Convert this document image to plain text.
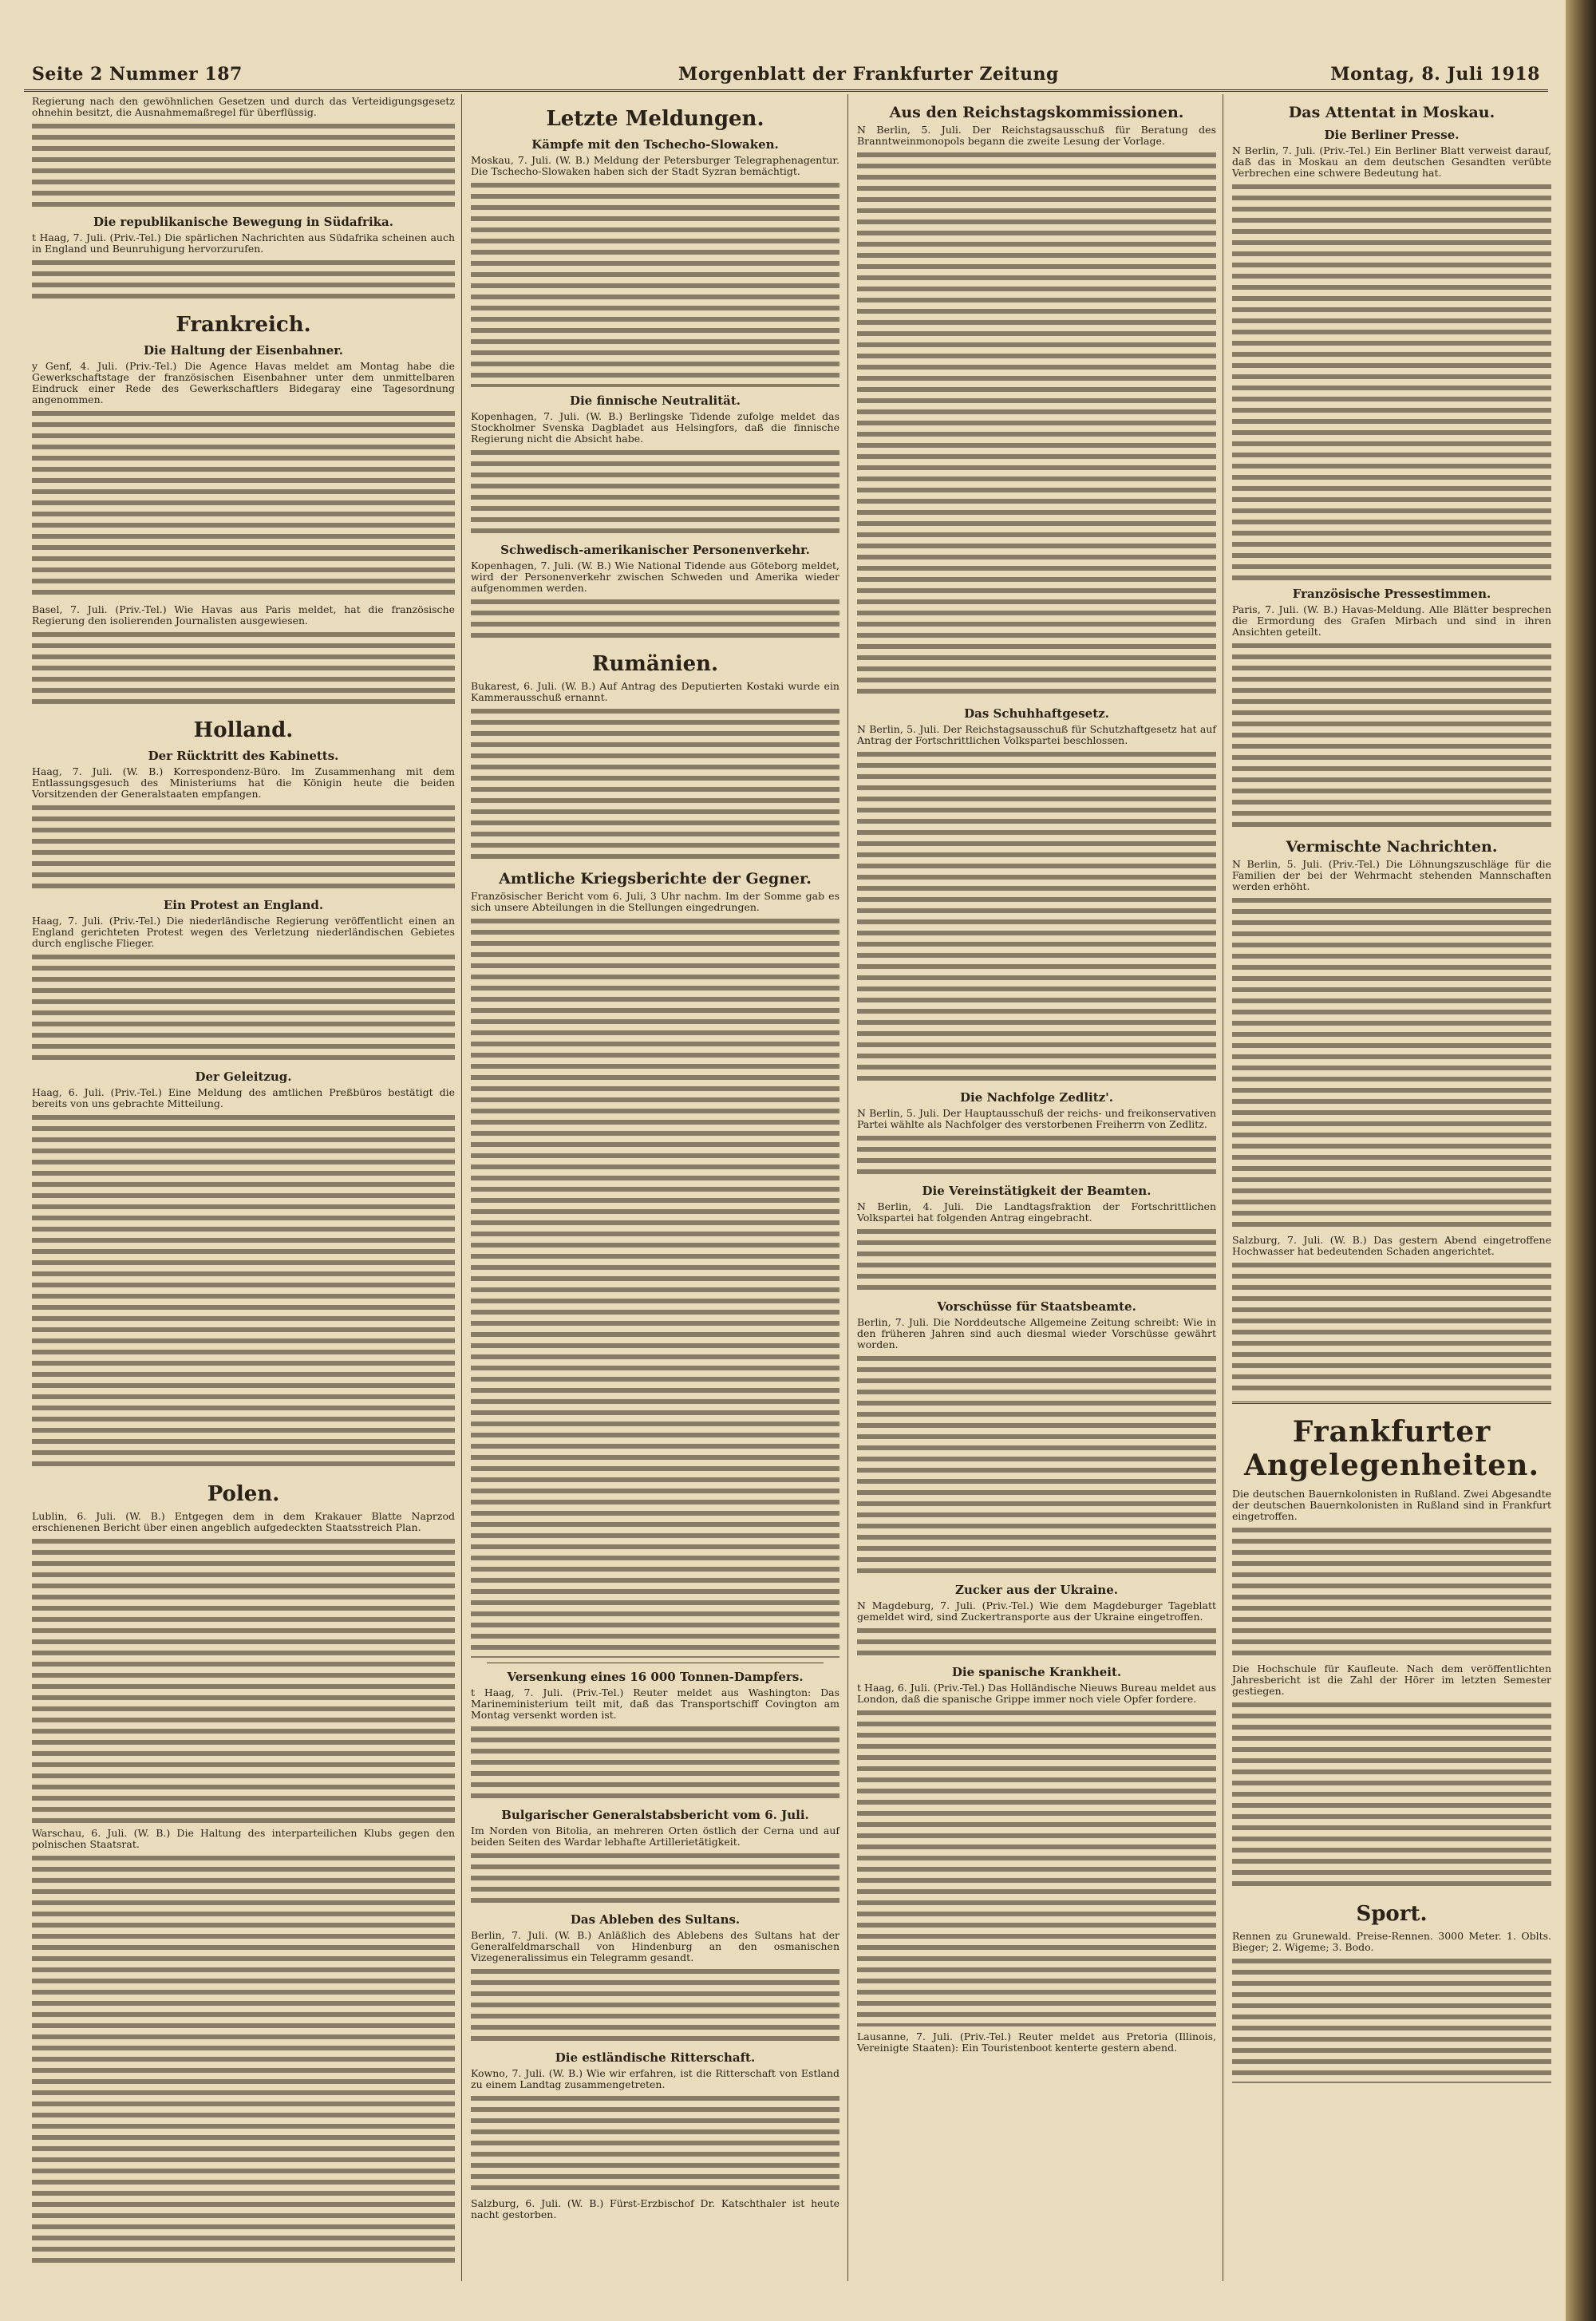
Seite 2 Nummer 187	Morgenblatt der Frankfurter Zeitung	Montag, 8. Juli 1918

Regierung nach den gewöhnlichen Gesetzen und durch das Verteidigungsgesetz ohnehin besitzt, die Ausnahmemaßregel für überflüssig.

Die republikanische Bewegung in Südafrika.

t Haag, 7. Juli. (Priv.-Tel.) Die spärlichen Nachrichten aus Südafrika scheinen auch in England und Beunruhigung hervorzurufen.

Frankreich.
Die Haltung der Eisenbahner.

y Genf, 4. Juli. (Priv.-Tel.) Die Agence Havas meldet am Montag habe die Gewerkschaftstage der französischen Eisenbahner unter dem unmittelbaren Eindruck einer Rede des Gewerkschaftlers Bidegaray eine Tagesordnung angenommen.

Basel, 7. Juli. (Priv.-Tel.) Wie Havas aus Paris meldet, hat die französische Regierung den isolierenden Journalisten ausgewiesen.

Holland.
Der Rücktritt des Kabinetts.

Haag, 7. Juli. (W. B.) Korrespondenz-Büro. Im Zusammenhang mit dem Entlassungsgesuch des Ministeriums hat die Königin heute die beiden Vorsitzenden der Generalstaaten empfangen.

Ein Protest an England.

Haag, 7. Juli. (Priv.-Tel.) Die niederländische Regierung veröffentlicht einen an England gerichteten Protest wegen des Verletzung niederländischen Gebietes durch englische Flieger.

Der Geleitzug.

Haag, 6. Juli. (Priv.-Tel.) Eine Meldung des amtlichen Preßbüros bestätigt die bereits von uns gebrachte Mitteilung.

Polen.

Lublin, 6. Juli. (W. B.) Entgegen dem in dem Krakauer Blatte Naprzod erschienenen Bericht über einen angeblich aufgedeckten Staatsstreich Plan.

Warschau, 6. Juli. (W. B.) Die Haltung des interparteilichen Klubs gegen den polnischen Staatsrat.

Letzte Meldungen.
Kämpfe mit den Tschecho-Slowaken.

Moskau, 7. Juli. (W. B.) Meldung der Petersburger Telegraphenagentur. Die Tschecho-Slowaken haben sich der Stadt Syzran bemächtigt.

Die finnische Neutralität.

Kopenhagen, 7. Juli. (W. B.) Berlingske Tidende zufolge meldet das Stockholmer Svenska Dagbladet aus Helsingfors, daß die finnische Regierung nicht die Absicht habe.

Schwedisch-amerikanischer Personenverkehr.

Kopenhagen, 7. Juli. (W. B.) Wie National Tidende aus Göteborg meldet, wird der Personenverkehr zwischen Schweden und Amerika wieder aufgenommen werden.

Rumänien.

Bukarest, 6. Juli. (W. B.) Auf Antrag des Deputierten Kostaki wurde ein Kammerausschuß ernannt.

Amtliche Kriegsberichte der Gegner.

Französischer Bericht vom 6. Juli, 3 Uhr nachm. Im der Somme gab es sich unsere Abteilungen in die Stellungen eingedrungen.

Versenkung eines 16 000 Tonnen-Dampfers.

t Haag, 7. Juli. (Priv.-Tel.) Reuter meldet aus Washington: Das Marineministerium teilt mit, daß das Transportschiff Covington am Montag versenkt worden ist.

Bulgarischer Generalstabsbericht vom 6. Juli.

Im Norden von Bitolia, an mehreren Orten östlich der Cerna und auf beiden Seiten des Wardar lebhafte Artillerietätigkeit.

Das Ableben des Sultans.

Berlin, 7. Juli. (W. B.) Anläßlich des Ablebens des Sultans hat der Generalfeldmarschall von Hindenburg an den osmanischen Vizegeneralissimus ein Telegramm gesandt.

Die estländische Ritterschaft.

Kowno, 7. Juli. (W. B.) Wie wir erfahren, ist die Ritterschaft von Estland zu einem Landtag zusammengetreten.

Salzburg, 6. Juli. (W. B.) Fürst-Erzbischof Dr. Katschthaler ist heute nacht gestorben.

Aus den Reichstagskommissionen.

N Berlin, 5. Juli. Der Reichstagsausschuß für Beratung des Branntweinmonopols begann die zweite Lesung der Vorlage.

Das Schuhhaftgesetz.

N Berlin, 5. Juli. Der Reichstagsausschuß für Schutzhaftgesetz hat auf Antrag der Fortschrittlichen Volkspartei beschlossen.

Die Nachfolge Zedlitz'.

N Berlin, 5. Juli. Der Hauptausschuß der reichs- und freikonservativen Partei wählte als Nachfolger des verstorbenen Freiherrn von Zedlitz.

Die Vereinstätigkeit der Beamten.

N Berlin, 4. Juli. Die Landtagsfraktion der Fortschrittlichen Volkspartei hat folgenden Antrag eingebracht.

Vorschüsse für Staatsbeamte.

Berlin, 7. Juli. Die Norddeutsche Allgemeine Zeitung schreibt: Wie in den früheren Jahren sind auch diesmal wieder Vorschüsse gewährt worden.

Zucker aus der Ukraine.

N Magdeburg, 7. Juli. (Priv.-Tel.) Wie dem Magdeburger Tageblatt gemeldet wird, sind Zuckertransporte aus der Ukraine eingetroffen.

Die spanische Krankheit.

t Haag, 6. Juli. (Priv.-Tel.) Das Holländische Nieuws Bureau meldet aus London, daß die spanische Grippe immer noch viele Opfer fordere.

Lausanne, 7. Juli. (Priv.-Tel.) Reuter meldet aus Pretoria (Illinois, Vereinigte Staaten): Ein Touristenboot kenterte gestern abend.

Das Attentat in Moskau.
Die Berliner Presse.

N Berlin, 7. Juli. (Priv.-Tel.) Ein Berliner Blatt verweist darauf, daß das in Moskau an dem deutschen Gesandten verübte Verbrechen eine schwere Bedeutung hat.

Französische Pressestimmen.

Paris, 7. Juli. (W. B.) Havas-Meldung. Alle Blätter besprechen die Ermordung des Grafen Mirbach und sind in ihren Ansichten geteilt.

Vermischte Nachrichten.

N Berlin, 5. Juli. (Priv.-Tel.) Die Löhnungszuschläge für die Familien der bei der Wehrmacht stehenden Mannschaften werden erhöht.

Salzburg, 7. Juli. (W. B.) Das gestern Abend eingetroffene Hochwasser hat bedeutenden Schaden angerichtet.

Frankfurter Angelegenheiten.

Die deutschen Bauernkolonisten in Rußland. Zwei Abgesandte der deutschen Bauernkolonisten in Rußland sind in Frankfurt eingetroffen.

Die Hochschule für Kaufleute. Nach dem veröffentlichten Jahresbericht ist die Zahl der Hörer im letzten Semester gestiegen.

Sport.

Rennen zu Grunewald. Preise-Rennen. 3000 Meter. 1. Oblts. Bieger; 2. Wigeme; 3. Bodo.
